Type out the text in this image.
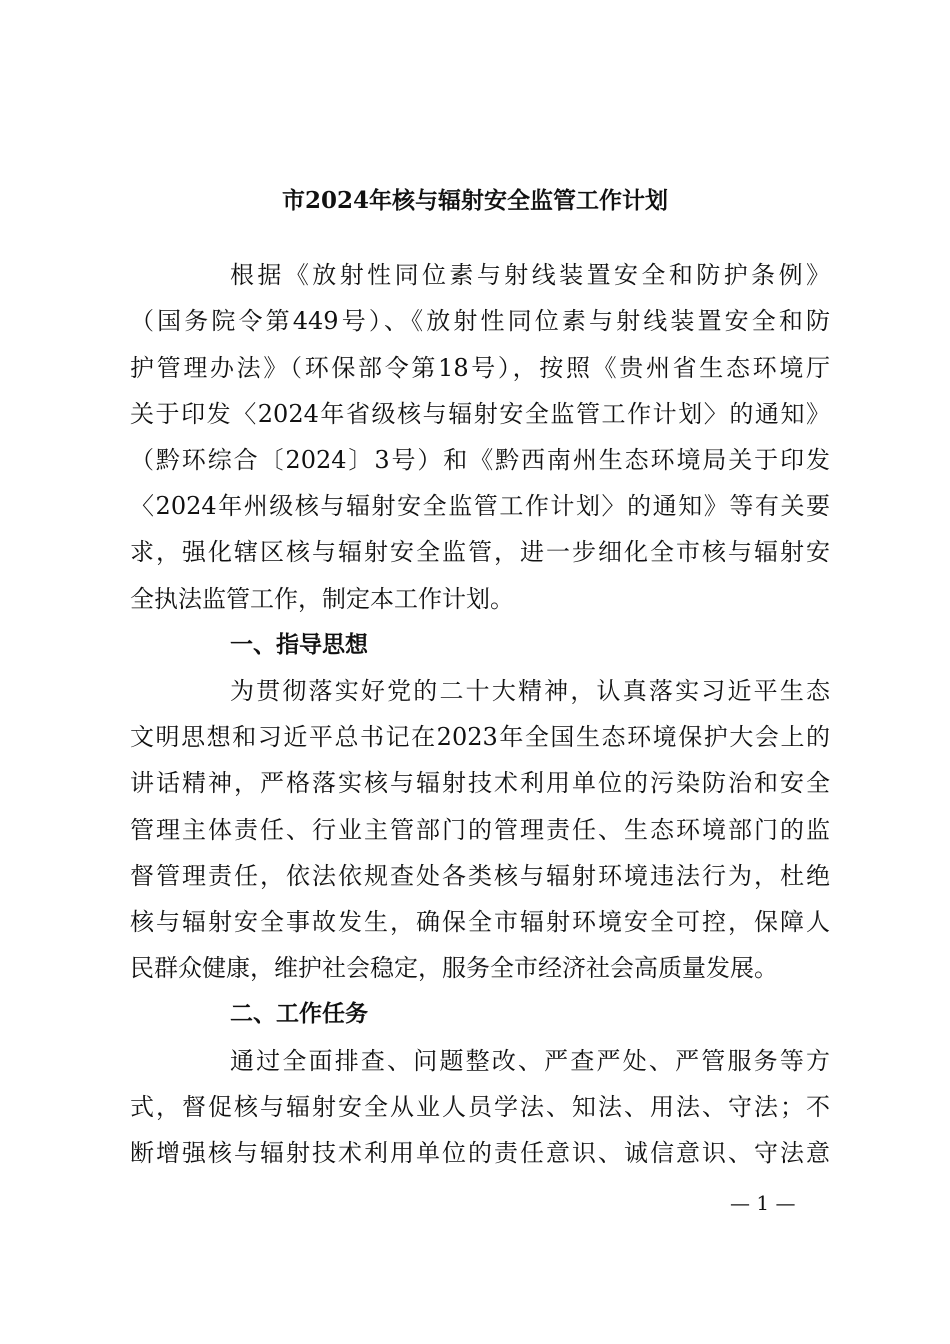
市2024年核与辐射安全监管工作计划
根据《放射性同位素与射线装置安全和防护条例》
（国务院令第449号）、《放射性同位素与射线装置安全和防
护管理办法》（环保部令第18号），按照《贵州省生态环境厅
关于印发〈2024年省级核与辐射安全监管工作计划〉的通知》
（黔环综合〔2024〕3号）和《黔西南州生态环境局关于印发
〈2024年州级核与辐射安全监管工作计划〉的通知》等有关要
求，强化辖区核与辐射安全监管，进一步细化全市核与辐射安
全执法监管工作，制定本工作计划。
一、指导思想
为贯彻落实好党的二十大精神，认真落实习近平生态
文明思想和习近平总书记在2023年全国生态环境保护大会上的
讲话精神，严格落实核与辐射技术利用单位的污染防治和安全
管理主体责任、行业主管部门的管理责任、生态环境部门的监
督管理责任，依法依规查处各类核与辐射环境违法行为，杜绝
核与辐射安全事故发生，确保全市辐射环境安全可控，保障人
民群众健康，维护社会稳定，服务全市经济社会高质量发展。
二、工作任务
通过全面排查、问题整改、严查严处、严管服务等方
式，督促核与辐射安全从业人员学法、知法、用法、守法；不
断增强核与辐射技术利用单位的责任意识、诚信意识、守法意
— 1 —
